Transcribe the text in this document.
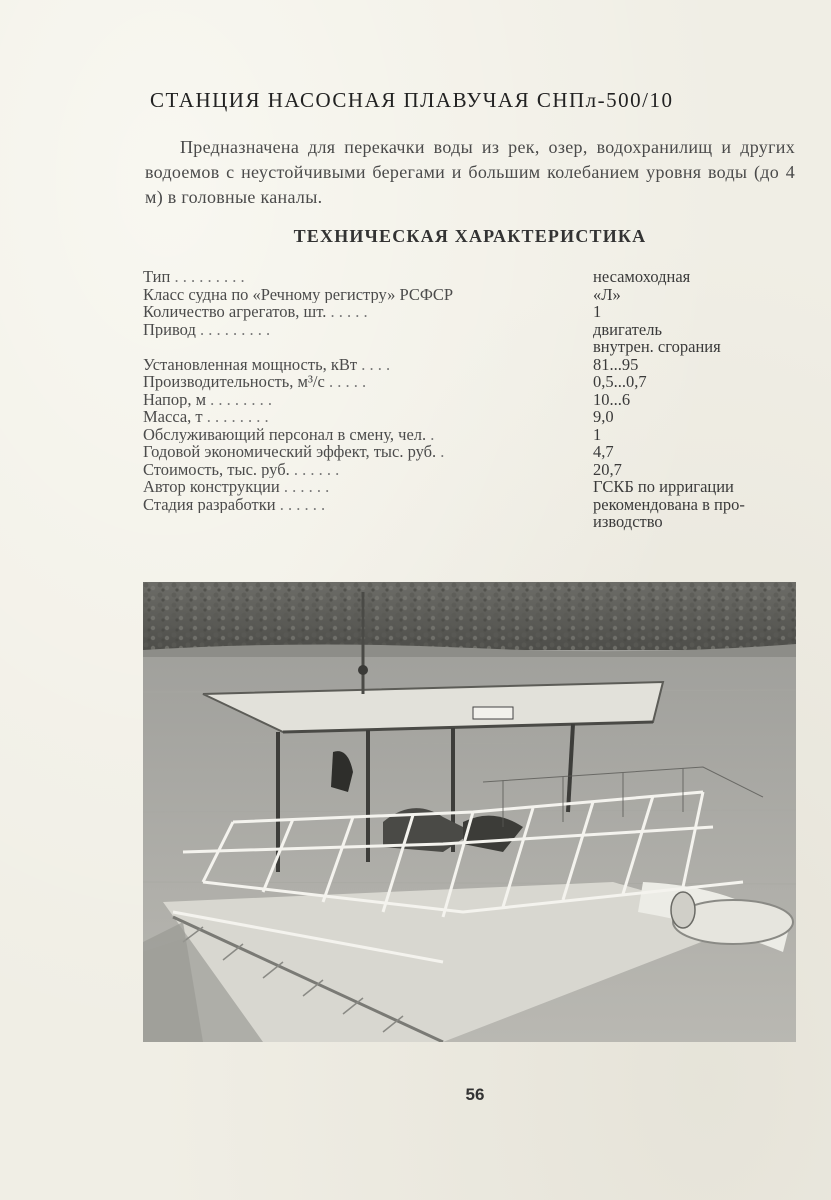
СТАНЦИЯ НАСОСНАЯ ПЛАВУЧАЯ СНПл-500/10
Предназначена для перекачки воды из рек, озер, водохранилищ и других водоемов с неустойчивыми берегами и большим колебанием уровня воды (до 4 м) в головные каналы.
ТЕХНИЧЕСКАЯ ХАРАКТЕРИСТИКА
Тип . . . . . . . . .	несамоходная
Класс судна по «Речному регистру» РСФСР	«Л»
Количество агрегатов, шт. . . . . .	1
Привод . . . . . . . . .	двигатель
внутрен. сгорания
Установленная мощность, кВт . . . .	81...95
Производительность, м³/с . . . . .	0,5...0,7
Напор, м . . . . . . . .	10...6
Масса, т . . . . . . . .	9,0
Обслуживающий персонал в смену, чел. .	1
Годовой экономический эффект, тыс. руб. .	4,7
Стоимость, тыс. руб. . . . . . .	20,7
Автор конструкции . . . . . .	ГСКБ по ирригации
Стадия разработки . . . . . .	рекомендована в про-
изводство
56
